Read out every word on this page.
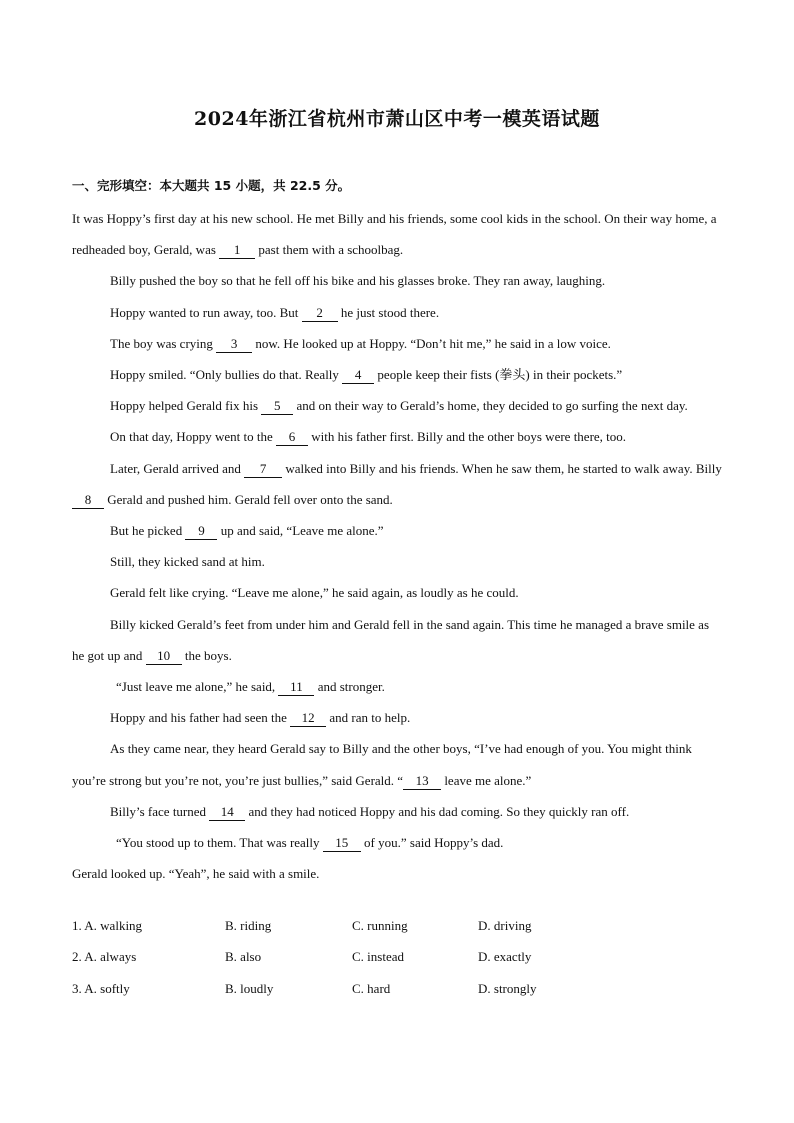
2024年浙江省杭州市萧山区中考一模英语试题
一、完形填空：本大题共 15 小题，共 22.5 分。

It was Hoppy’s first day at his new school. He met Billy and his friends, some cool kids in the school. On their way home, a redheaded boy, Gerald, was 1 past them with a schoolbag.

Billy pushed the boy so that he fell off his bike and his glasses broke. They ran away, laughing.

Hoppy wanted to run away, too. But 2 he just stood there.

The boy was crying 3 now. He looked up at Hoppy. “Don’t hit me,” he said in a low voice.

Hoppy smiled. “Only bullies do that. Really 4 people keep their fists (拳头) in their pockets.”

Hoppy helped Gerald fix his 5 and on their way to Gerald’s home, they decided to go surfing the next day.

On that day, Hoppy went to the 6 with his father first. Billy and the other boys were there, too.

Later, Gerald arrived and 7 walked into Billy and his friends. When he saw them, he started to walk away. Billy 8 Gerald and pushed him. Gerald fell over onto the sand.

But he picked 9 up and said, “Leave me alone.”

Still, they kicked sand at him.

Gerald felt like crying. “Leave me alone,” he said again, as loudly as he could.

Billy kicked Gerald’s feet from under him and Gerald fell in the sand again. This time he managed a brave smile as he got up and 10 the boys.

“Just leave me alone,” he said, 11 and stronger.

Hoppy and his father had seen the 12 and ran to help.

As they came near, they heard Gerald say to Billy and the other boys, “I’ve had enough of you. You might think you’re strong but you’re not, you’re just bullies,” said Gerald. “ 13 leave me alone.”

Billy’s face turned 14 and they had noticed Hoppy and his dad coming. So they quickly ran off.

“You stood up to them. That was really 15 of you.” said Hoppy’s dad.

Gerald looked up. “Yeah”, he said with a smile.

1. A. walking	B. riding	C. running	D. driving
2. A. always	B. also	C. instead	D. exactly
3. A. softly	B. loudly	C. hard	D. strongly
